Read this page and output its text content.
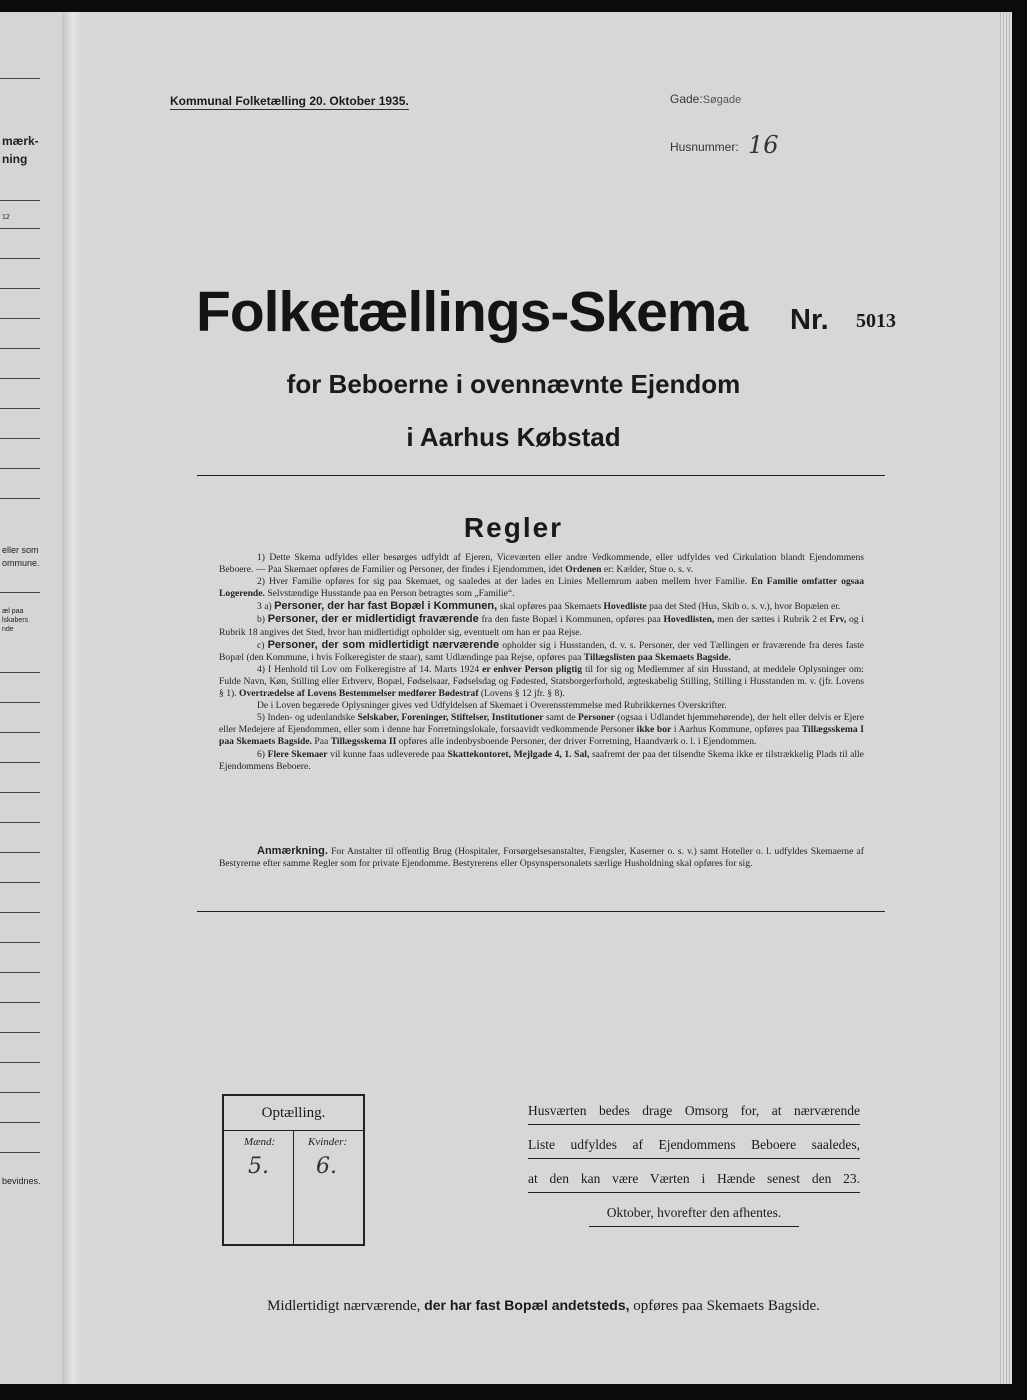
mærk-
ning
12
eller som
ommune.
æl paa
lskabers
nde
bevidnes.
Kommunal Folketælling 20. Oktober 1935.	Gade:Søgade
Husnummer: 16
Folketællings-Skema Nr. 5013
for Beboerne i ovennævnte Ejendom
i Aarhus Købstad
Regler

1) Dette Skema udfyldes eller besørges udfyldt af Ejeren, Viceværten eller andre Vedkommende, eller udfyldes ved Cirkulation blandt Ejendommens Beboere. — Paa Skemaet opføres de Familier og Personer, der findes i Ejendommen, idet Ordenen er: Kælder, Stue o. s. v.

2) Hver Familie opføres for sig paa Skemaet, og saaledes at der lades en Linies Mellemrum aaben mellem hver Familie. En Familie omfatter ogsaa Logerende. Selvstændige Husstande paa en Person betragtes som „Familie“.

3 a) Personer, der har fast Bopæl i Kommunen, skal opføres paa Skemaets Hovedliste paa det Sted (Hus, Skib o. s. v.), hvor Bopælen er.

b) Personer, der er midlertidigt fraværende fra den faste Bopæl i Kommunen, opføres paa Hovedlisten, men der sættes i Rubrik 2 et Frv, og i Rubrik 18 angives det Sted, hvor han midlertidigt opholder sig, eventuelt om han er paa Rejse.

c) Personer, der som midlertidigt nærværende opholder sig i Husstanden, d. v. s. Personer, der ved Tællingen er fraværende fra deres faste Bopæl (den Kommune, i hvis Folkeregister de staar), samt Udlændinge paa Rejse, opføres paa Tillægslisten paa Skemaets Bagside.

4) I Henhold til Lov om Folkeregistre af 14. Marts 1924 er enhver Person pligtig til for sig og Medlemmer af sin Husstand, at meddele Oplysninger om: Fulde Navn, Køn, Stilling eller Erhverv, Bopæl, Fødselsaar, Fødselsdag og Fødested, Statsborgerforhold, ægteskabelig Stilling, Stilling i Husstanden m. v. (jfr. Lovens § 1). Overtrædelse af Lovens Bestemmelser medfører Bødestraf (Lovens § 12 jfr. § 8).

De i Loven begærede Oplysninger gives ved Udfyldelsen af Skemaet i Overensstemmelse med Rubrikkernes Overskrifter.

5) Inden- og udenlandske Selskaber, Foreninger, Stiftelser, Institutioner samt de Personer (ogsaa i Udlandet hjemmehørende), der helt eller delvis er Ejere eller Medejere af Ejendommen, eller som i denne har Forretningslokale, forsaavidt vedkommende Personer ikke bor i Aarhus Kommune, opføres paa Tillægsskema I paa Skemaets Bagside. Paa Tillægsskema II opføres alle indenbysboende Personer, der driver Forretning, Haandværk o. l. i Ejendommen.

6) Flere Skemaer vil kunne faas udleverede paa Skattekontoret, Mejlgade 4, 1. Sal, saafremt der paa det tilsendte Skema ikke er tilstrækkelig Plads til alle Ejendommens Beboere.

Anmærkning. For Anstalter til offentlig Brug (Hospitaler, Forsørgelsesanstalter, Fængsler, Kaserner o. s. v.) samt Hoteller o. l. udfyldes Skemaerne af Bestyrerne efter samme Regler som for private Ejendomme. Bestyrerens eller Opsynspersonalets særlige Husholdning skal opføres for sig.

Optælling.
Mænd:	Kvinder:
5. 6.
Husværten bedes drage Omsorg for, at nærværende
Liste udfyldes af Ejendommens Beboere saaledes,
at den kan være Værten i Hænde senest den 23.
Oktober, hvorefter den afhentes.
Midlertidigt nærværende, der har fast Bopæl andetsteds, opføres paa Skemaets Bagside.
